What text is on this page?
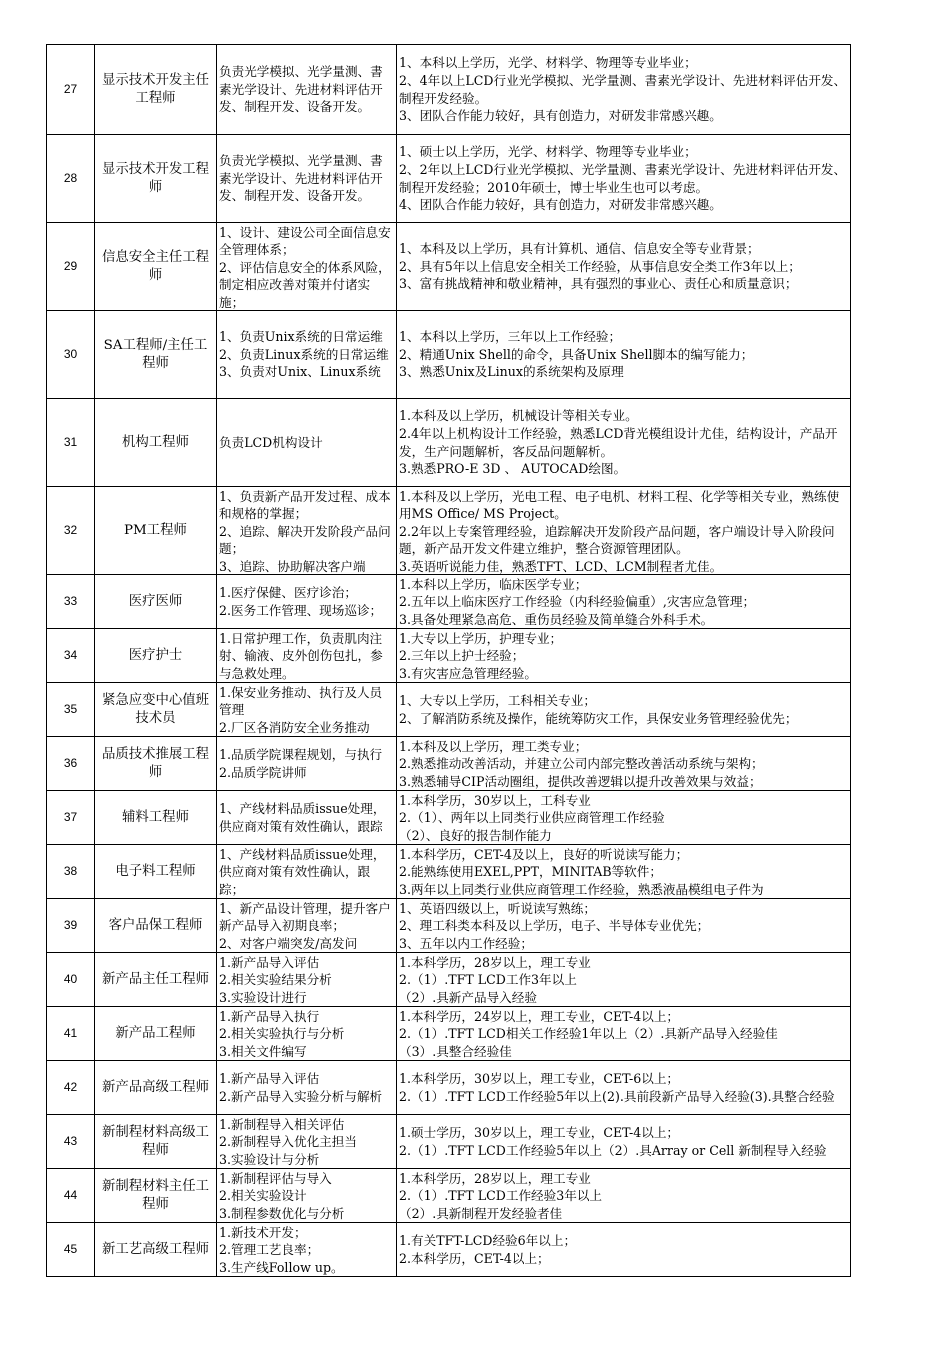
27	显示技术开发主任工程师	负责光学模拟、光学量测、書素光学设计、先进材料评估开发、制程开发、设备开发。	1、本科以上学历，光学、材料学、物理等专业毕业；
2、4年以上LCD行业光学模拟、光学量测、書素光学设计、先进材料评估开发、制程开发经验。
3、团队合作能力较好，具有创造力，对研发非常感兴趣。

28	显示技术开发工程师	负责光学模拟、光学量测、書素光学设计、先进材料评估开发、制程开发、设备开发。	1、硕士以上学历，光学、材料学、物理等专业毕业；
2、2年以上LCD行业光学模拟、光学量测、書素光学设计、先进材料评估开发、制程开发经验；2010年硕士，博士毕业生也可以考虑。
4、团队合作能力较好，具有创造力，对研发非常感兴趣。

29	信息安全主任工程师	1、设计、建设公司全面信息安全管理体系；
2、评估信息安全的体系风险，制定相应改善对策并付诸实施；	1、本科及以上学历，具有计算机、通信、信息安全等专业背景；
2、具有5年以上信息安全相关工作经验，从事信息安全类工作3年以上；
3、富有挑战精神和敬业精神，具有强烈的事业心、责任心和质量意识；

30	SA工程师/主任工程师	1、负责Unix系统的日常运维
2、负责Linux系统的日常运维
3、负责对Unix、Linux系统	1、本科以上学历，三年以上工作经验；
2、精通Unix Shell的命令，具备Unix Shell脚本的编写能力；
3、熟悉Unix及Linux的系统架构及原理

31	机构工程师	负责LCD机构设计	1.本科及以上学历，机械设计等相关专业。
2.4年以上机构设计工作经验，熟悉LCD背光模组设计尤佳，结构设计，产品开发，生产问题解析，客反品问题解析。
3.熟悉PRO-E 3D 、 AUTOCAD绘图。

32	PM工程师	1、负责新产品开发过程、成本和规格的掌握；
2、追踪、解决开发阶段产品问题；
3、追踪、协助解决客户端	1.本科及以上学历，光电工程、电子电机、材料工程、化学等相关专业，熟练使用MS Office/ MS Project。
2.2年以上专案管理经验，追踪解决开发阶段产品问题，客户端设计导入阶段问题，新产品开发文件建立维护，整合资源管理团队。
3.英语听说能力佳，熟悉TFT、LCD、LCM制程者尤佳。

33	医疗医师	1.医疗保健、医疗诊治；
2.医务工作管理、现场巡诊；	1.本科以上学历，临床医学专业；
2.五年以上临床医疗工作经验（内科经验偏重）,灾害应急管理；
3.具备处理紧急高危、重伤员经验及简单缝合外科手术。

34	医疗护士	1.日常护理工作，负责肌肉注射、输液、皮外创伤包扎，参与急救处理。	1.大专以上学历，护理专业；
2.三年以上护士经验；
3.有灾害应急管理经验。

35	紧急应变中心值班技术员	1.保安业务推动、执行及人员管理
2.厂区各消防安全业务推动	1、大专以上学历，工科相关专业；
2、了解消防系统及操作，能统筹防灾工作，具保安业务管理经验优先；

36	品质技术推展工程师	1.品质学院课程规划，与执行
2.品质学院讲师	1.本科及以上学历，理工类专业；
2.熟悉推动改善活动，并建立公司内部完整改善活动系统与架构；
3.熟悉辅导CIP活动圈组，提供改善逻辑以提升改善效果与效益；

37	辅料工程师	1、产线材料品质issue处理，供应商对策有效性确认，跟踪	1.本科学历，30岁以上，工科专业
2.（1）、两年以上同类行业供应商管理工作经验
（2）、良好的报告制作能力

38	电子料工程师	1、产线材料品质issue处理，供应商对策有效性确认，跟踪；	1.本科学历，CET-4及以上，良好的听说读写能力；
2.能熟练使用EXEL,PPT，MINITAB等软件；
3.两年以上同类行业供应商管理工作经验，熟悉液晶模组电子件为

39	客户品保工程师	1、新产品设计管理，提升客户新产品导入初期良率；
2、对客户端突发/高发问	1、英语四级以上，听说读写熟练；
2、理工科类本科及以上学历，电子、半导体专业优先；
3、五年以内工作经验；

40	新产品主任工程师	1.新产品导入评估
2.相关实验结果分析
3.实验设计进行	1.本科学历，28岁以上，理工专业
2.（1）.TFT LCD工作3年以上
（2）.具新产品导入经验

41	新产品工程师	1.新产品导入执行
2.相关实验执行与分析
3.相关文件编写	1.本科学历，24岁以上，理工专业，CET-4以上；
2.（1）.TFT LCD相关工作经验1年以上（2）.具新产品导入经验佳
（3）.具整合经验佳

42	新产品高级工程师	1.新产品导入评估
2.新产品导入实验分析与解析	1.本科学历，30岁以上，理工专业，CET-6以上；
2.（1）.TFT LCD工作经验5年以上(2).具前段新产品导入经验(3).具整合经验

43	新制程材料高级工程师	1.新制程导入相关评估
2.新制程导入优化主担当
3.实验设计与分析	1.硕士学历，30岁以上，理工专业，CET-4以上；
2.（1）.TFT LCD工作经验5年以上（2）.具Array or Cell 新制程导入经验

44	新制程材料主任工程师	1.新制程评估与导入
2.相关实验设计
3.制程参数优化与分析	1.本科学历，28岁以上，理工专业
2.（1）.TFT LCD工作经验3年以上
（2）.具新制程开发经验者佳

45	新工艺高级工程师	1.新技术开发；
2.管理工艺良率；
3.生产线Follow up。	1.有关TFT-LCD经验6年以上；
2.本科学历，CET-4以上；
